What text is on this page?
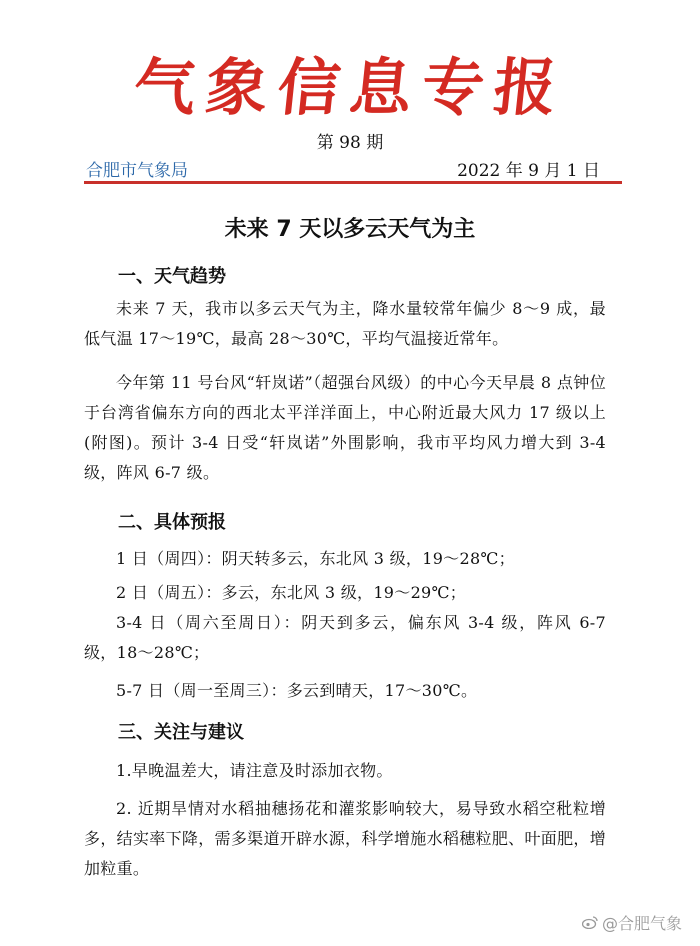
气象信息专报
第 98 期
合肥市气象局	2022 年 9 月 1 日
未来 7 天以多云天气为主
一、天气趋势
未来 7 天，我市以多云天气为主，降水量较常年偏少 8～9 成，最低气温 17～19℃，最高 28～30℃，平均气温接近常年。
今年第 11 号台风“轩岚诺”（超强台风级）的中心今天早晨 8 点钟位于台湾省偏东方向的西北太平洋洋面上，中心附近最大风力 17 级以上(附图)。预计 3-4 日受“轩岚诺”外围影响，我市平均风力增大到 3-4 级，阵风 6-7 级。
二、具体预报
1 日（周四）：阴天转多云，东北风 3 级，19～28℃；
2 日（周五）：多云，东北风 3 级，19～29℃；
3-4 日（周六至周日）：阴天到多云，偏东风 3-4 级，阵风 6-7 级，18～28℃；
5-7 日（周一至周三）：多云到晴天，17～30℃。
三、关注与建议
1.早晚温差大，请注意及时添加衣物。
2. 近期旱情对水稻抽穗扬花和灌浆影响较大，易导致水稻空秕粒增多，结实率下降，需多渠道开辟水源，科学增施水稻穗粒肥、叶面肥，增加粒重。
@合肥气象
